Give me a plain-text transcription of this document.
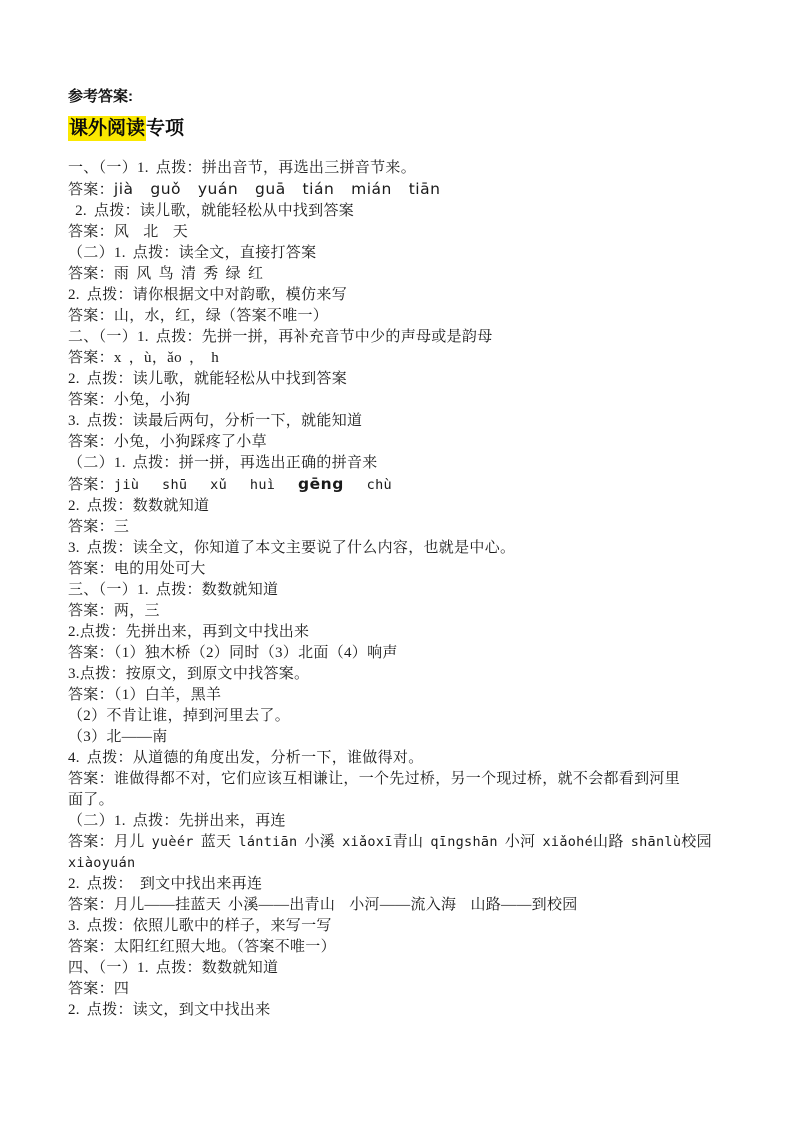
参考答案:
课外阅读专项
一、（一）1. 点拨：拼出音节，再选出三拼音节来。
答案：jià  guǒ  yuán  guā  tián  mián  tiān
2. 点拨：读儿歌，就能轻松从中找到答案
答案：风  北  天
（二）1. 点拨：读全文，直接打答案
答案：雨 风 鸟 清 秀 绿 红
2. 点拨：请你根据文中对韵歌，模仿来写
答案：山，水，红，绿（答案不唯一）
二、（一）1. 点拨：先拼一拼，再补充音节中少的声母或是韵母
答案：x ，ù，ǎo ， h
2. 点拨：读儿歌，就能轻松从中找到答案
答案：小兔，小狗
3. 点拨：读最后两句，分析一下，就能知道
答案：小兔，小狗踩疼了小草
（二）1. 点拨：拼一拼，再选出正确的拼音来
答案：jiù  shū  xǔ  huì  gēng  chù
2. 点拨：数数就知道
答案：三
3. 点拨：读全文，你知道了本文主要说了什么内容，也就是中心。
答案：电的用处可大
三、（一）1. 点拨：数数就知道
答案：两，三
2.点拨：先拼出来，再到文中找出来
答案：（1）独木桥（2）同时（3）北面（4）响声
3.点拨：按原文，到原文中找答案。
答案：（1）白羊，黑羊
（2）不肯让谁，掉到河里去了。
（3）北——南
4. 点拨：从道德的角度出发，分析一下，谁做得对。
答案：谁做得都不对，它们应该互相谦让，一个先过桥，另一个现过桥，就不会都看到河里
面了。
（二）1. 点拨：先拼出来，再连
答案：月儿 yuèér 蓝天 lántiān 小溪 xiǎoxī青山 qīngshān 小河 xiǎohé山路 shānlù校园
xiàoyuán
2. 点拨： 到文中找出来再连
答案：月儿——挂蓝天 小溪——出青山  小河——流入海  山路——到校园
3. 点拨：依照儿歌中的样子，来写一写
答案：太阳红红照大地。（答案不唯一）
四、（一）1. 点拨：数数就知道
答案：四
2. 点拨：读文，到文中找出来
